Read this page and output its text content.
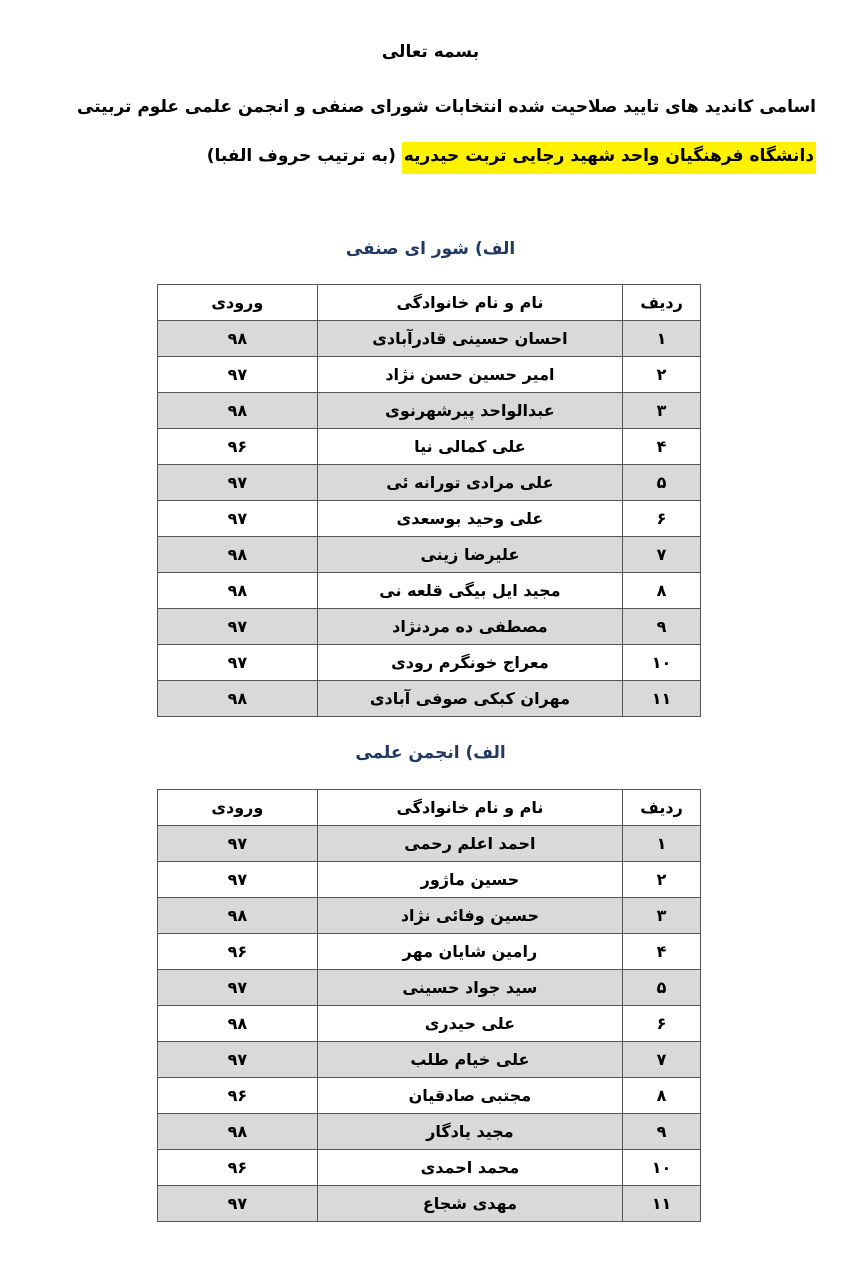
بسمه تعالی
اسامی کاندید های تایید صلاحیت شده انتخابات شورای صنفی و انجمن علمی علوم تربیتی
دانشگاه فرهنگیان واحد شهید رجایی تربت حیدریه (به ترتیب حروف الفبا)
الف) شور ای صنفی
ردیف	نام و نام خانوادگی	ورودی
۱	احسان حسینی قادرآبادی	۹۸
۲	امیر حسین حسن نژاد	۹۷
۳	عبدالواحد پیرشهرنوی	۹۸
۴	علی کمالی نیا	۹۶
۵	علی مرادی تورانه ئی	۹۷
۶	علی وحید بوسعدی	۹۷
۷	علیرضا زینی	۹۸
۸	مجید ایل بیگی قلعه نی	۹۸
۹	مصطفی ده مردنژاد	۹۷
۱۰	معراج خونگرم رودی	۹۷
۱۱	مهران کبکی صوفی آبادی	۹۸
الف) انجمن علمی
ردیف	نام و نام خانوادگی	ورودی
۱	احمد اعلم رحمی	۹۷
۲	حسین ماژور	۹۷
۳	حسین وفائی نژاد	۹۸
۴	رامین شایان مهر	۹۶
۵	سید جواد حسینی	۹۷
۶	علی حیدری	۹۸
۷	علی خیام طلب	۹۷
۸	مجتبی صادقیان	۹۶
۹	مجید یادگار	۹۸
۱۰	محمد احمدی	۹۶
۱۱	مهدی شجاع	۹۷
